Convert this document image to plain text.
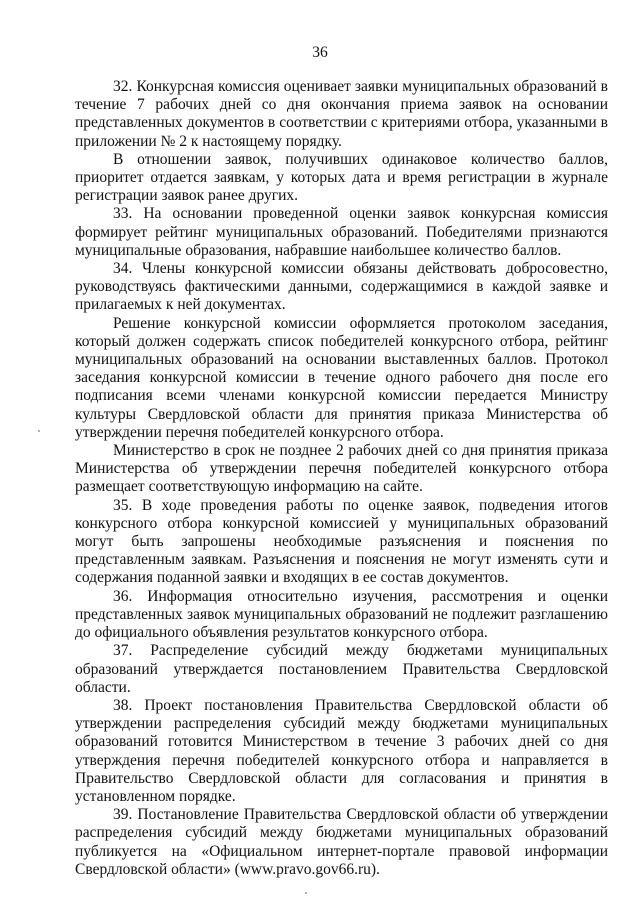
36

32. Конкурсная комиссия оценивает заявки муниципальных образований в течение 7 рабочих дней со дня окончания приема заявок на основании представленных документов в соответствии с критериями отбора, указанными в приложении № 2 к настоящему порядку.

В отношении заявок, получивших одинаковое количество баллов, приоритет отдается заявкам, у которых дата и время регистрации в журнале регистрации заявок ранее других.

33. На основании проведенной оценки заявок конкурсная комиссия формирует рейтинг муниципальных образований. Победителями признаются муниципальные образования, набравшие наибольшее количество баллов.

34. Члены конкурсной комиссии обязаны действовать добросовестно, руководствуясь фактическими данными, содержащимися в каждой заявке и прилагаемых к ней документах.

Решение конкурсной комиссии оформляется протоколом заседания, который должен содержать список победителей конкурсного отбора, рейтинг муниципальных образований на основании выставленных баллов. Протокол заседания конкурсной комиссии в течение одного рабочего дня после его подписания всеми членами конкурсной комиссии передается Министру культуры Свердловской области для принятия приказа Министерства об утверждении перечня победителей конкурсного отбора.

Министерство в срок не позднее 2 рабочих дней со дня принятия приказа Министерства об утверждении перечня победителей конкурсного отбора размещает соответствующую информацию на сайте.

35. В ходе проведения работы по оценке заявок, подведения итогов конкурсного отбора конкурсной комиссией у муниципальных образований могут быть запрошены необходимые разъяснения и пояснения по представленным заявкам. Разъяснения и пояснения не могут изменять сути и содержания поданной заявки и входящих в ее состав документов.

36. Информация относительно изучения, рассмотрения и оценки представленных заявок муниципальных образований не подлежит разглашению до официального объявления результатов конкурсного отбора.

37. Распределение субсидий между бюджетами муниципальных образований утверждается постановлением Правительства Свердловской области.

38. Проект постановления Правительства Свердловской области об утверждении распределения субсидий между бюджетами муниципальных образований готовится Министерством в течение 3 рабочих дней со дня утверждения перечня победителей конкурсного отбора и направляется в Правительство Свердловской области для согласования и принятия в установленном порядке.

39. Постановление Правительства Свердловской области об утверждении распределения субсидий между бюджетами муниципальных образований публикуется на «Официальном интернет-портале правовой информации Свердловской области» (www.pravo.gov66.ru).
